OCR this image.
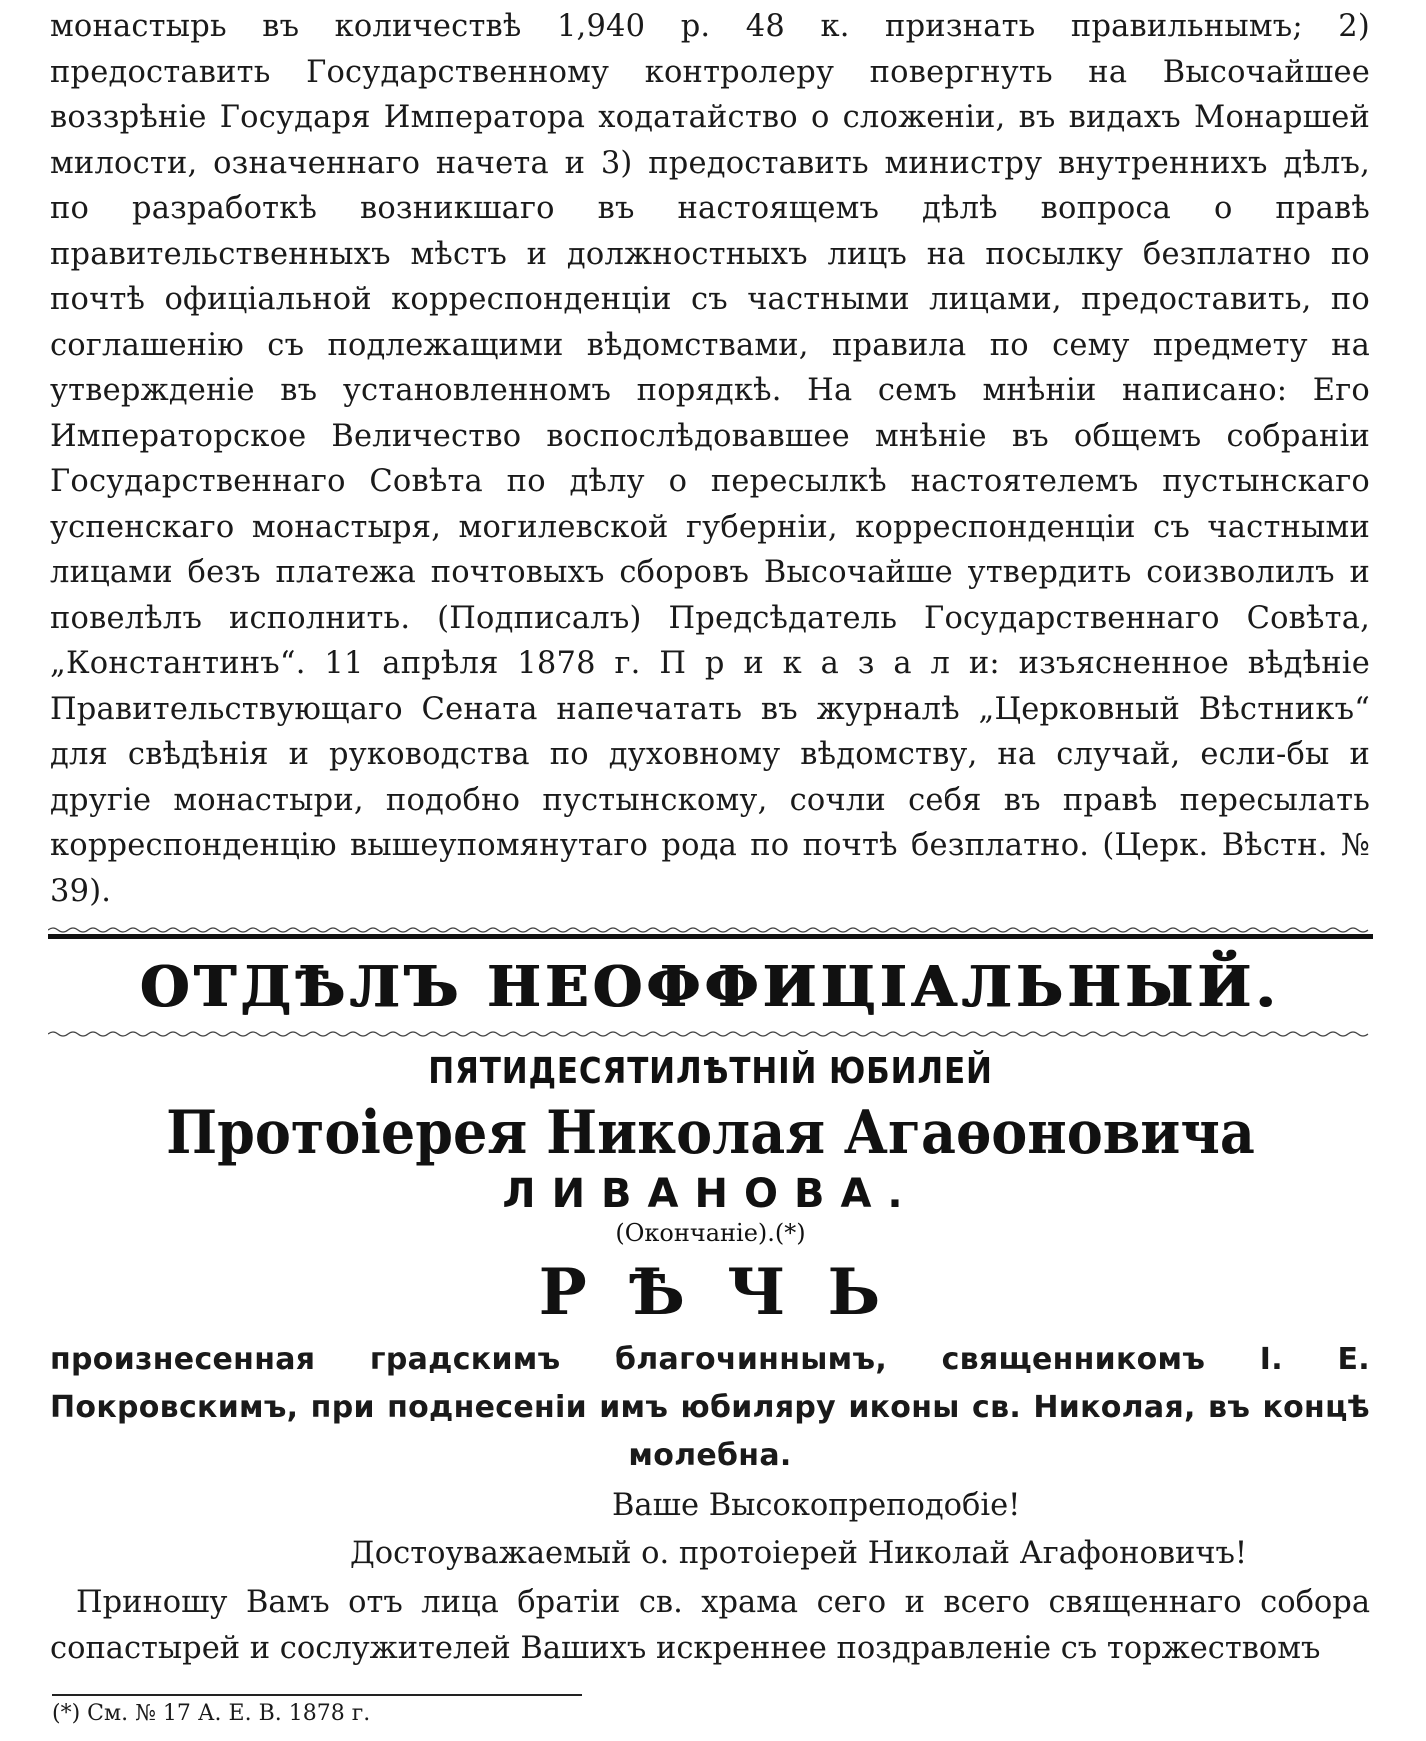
монастырь въ количествѣ 1,940 р. 48 к. признать правильнымъ; 2) предоставить Государственному контролеру повергнуть на Высочайшее воззрѣніе Государя Императора ходатайство о сложеніи, въ видахъ Монаршей милости, означеннаго начета и 3) предоставить министру внутреннихъ дѣлъ, по разработкѣ возникшаго въ настоящемъ дѣлѣ вопроса о правѣ правительственныхъ мѣстъ и должностныхъ лицъ на посылку безплатно по почтѣ офиціальной корреспонденціи съ частными лицами, предоставить, по соглашенію съ подлежащими вѣдомствами, правила по сему предмету на утвержденіе въ установленномъ порядкѣ. На семъ мнѣніи написано: Его Императорское Величество воспослѣдовавшее мнѣніе въ общемъ собраніи Государственнаго Совѣта по дѣлу о пересылкѣ настоятелемъ пустынскаго успенскаго монастыря, могилевской губерніи, корреспонденціи съ частными лицами безъ платежа почтовыхъ сборовъ Высочайше утвердить соизволилъ и повелѣлъ исполнить. (Подписалъ) Предсѣдатель Государственнаго Совѣта, „Константинъ“. 11 апрѣля 1878 г. П р и к а з а л и: изъясненное вѣдѣніе Правительствующаго Сената напечатать въ журналѣ „Церковный Вѣстникъ“ для свѣдѣнія и руководства по духовному вѣдомству, на случай, если-бы и другіе монастыри, подобно пустынскому, сочли себя въ правѣ пересылать корреспонденцію вышеупомянутаго рода по почтѣ безплатно. (Церк. Вѣстн. № 39).

ОТДѢЛЪ НЕОФФИЦІАЛЬНЫЙ.
ПЯТИДЕСЯТИЛѢТНІЙ ЮБИЛЕЙ
Протоіерея Николая Агаѳоновича
ЛИВАНОВА.
(Окончаніе).(*)
РѢЧЬ
произнесенная градскимъ благочиннымъ, священникомъ І. Е. Покровскимъ, при поднесеніи имъ юбиляру иконы св. Николая, въ концѣ молебна.
Ваше Высокопреподобіе!
Достоуважаемый о. протоіерей Николай Агафоновичъ!
Приношу Вамъ отъ лица братіи св. храма сего и всего священнаго собора сопастырей и сослужителей Вашихъ искреннее поздравленіе съ торжествомъ
(*) См. № 17 А. Е. В. 1878 г.
